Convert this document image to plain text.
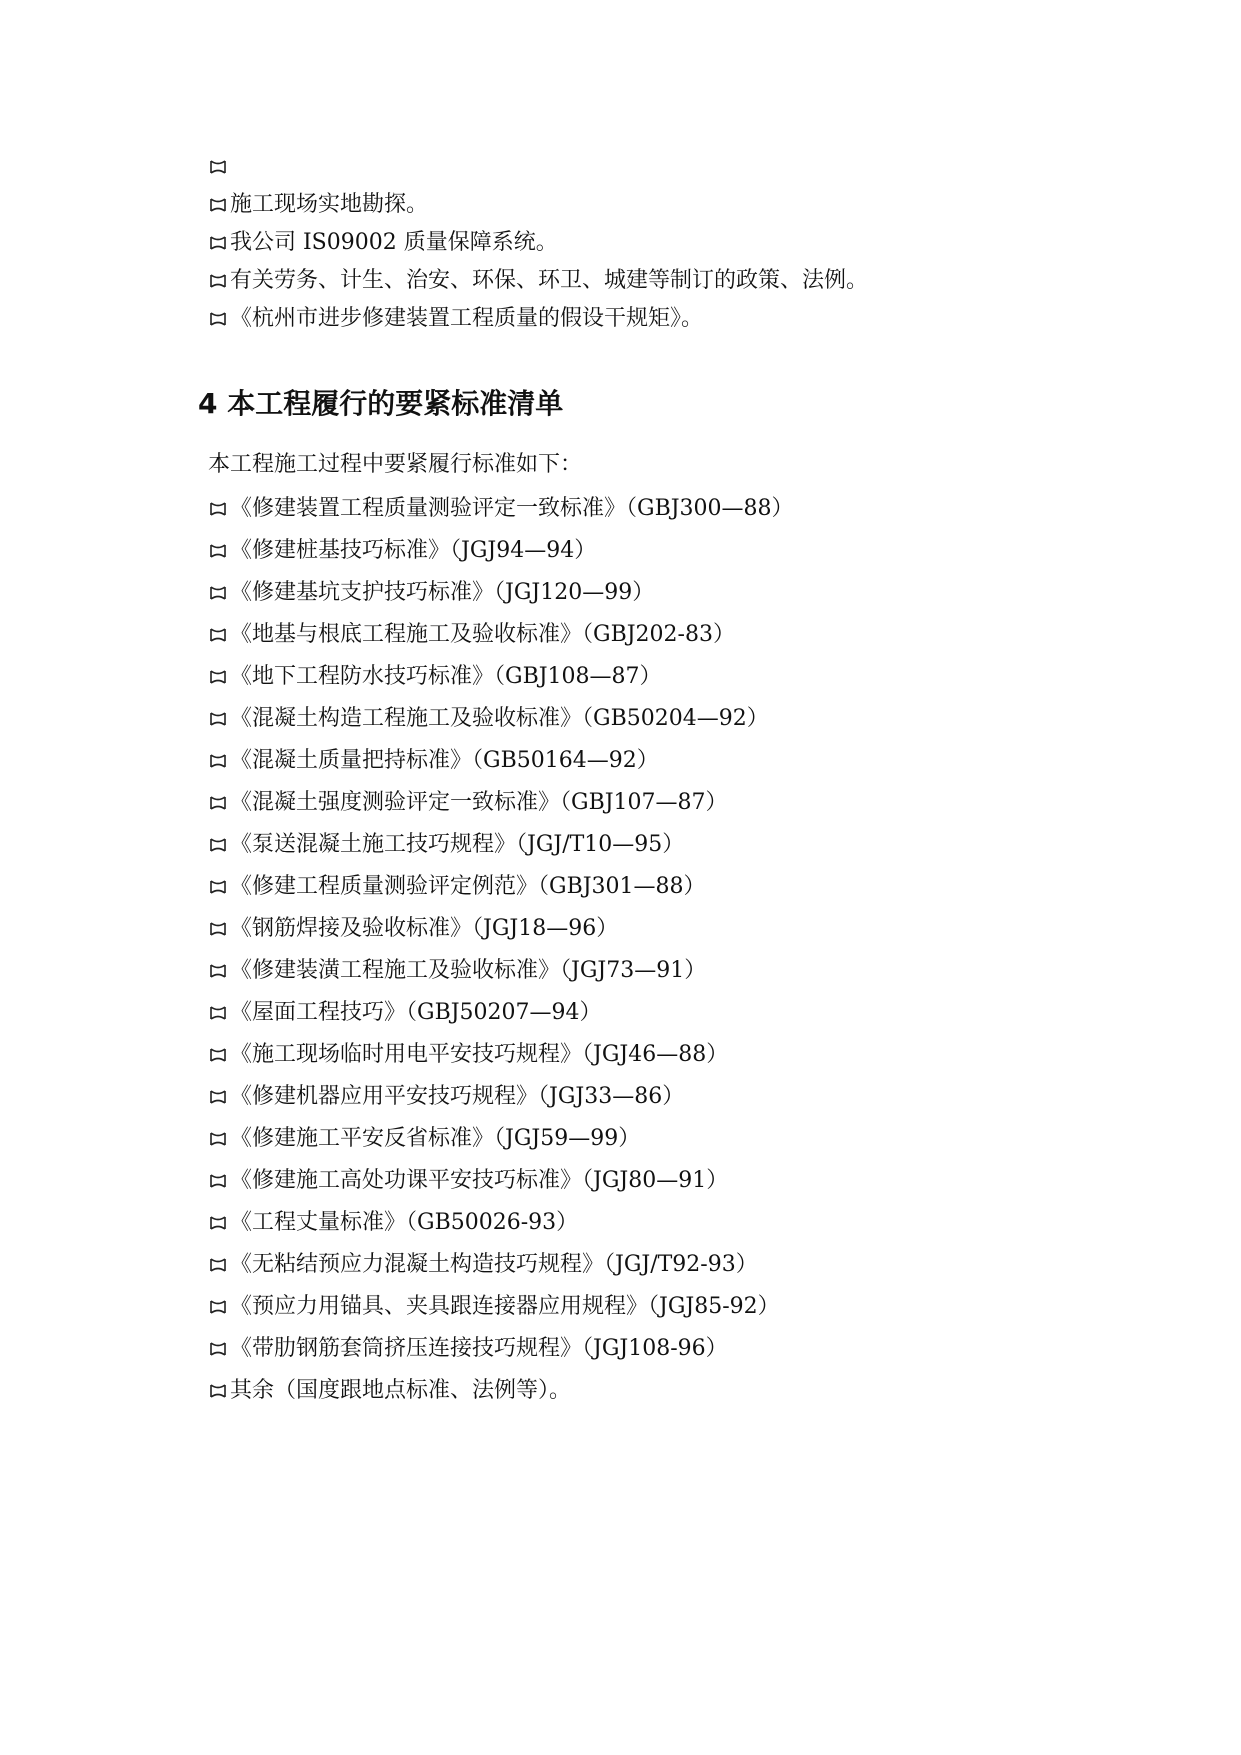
施工现场实地勘探。
我公司 IS09002 质量保障系统。
有关劳务、计生、治安、环保、环卫、城建等制订的政策、法例。
《杭州市进步修建装置工程质量的假设干规矩》。
4 本工程履行的要紧标准清单
本工程施工过程中要紧履行标准如下：
《修建装置工程质量测验评定一致标准》（GBJ300—88）
《修建桩基技巧标准》（JGJ94—94）
《修建基坑支护技巧标准》（JGJ120—99）
《地基与根底工程施工及验收标准》（GBJ202-83）
《地下工程防水技巧标准》（GBJ108—87）
《混凝土构造工程施工及验收标准》（GB50204—92）
《混凝土质量把持标准》（GB50164—92）
《混凝土强度测验评定一致标准》（GBJ107—87）
《泵送混凝土施工技巧规程》（JGJ/T10—95）
《修建工程质量测验评定例范》（GBJ301—88）
《钢筋焊接及验收标准》（JGJ18—96）
《修建装潢工程施工及验收标准》（JGJ73—91）
《屋面工程技巧》（GBJ50207—94）
《施工现场临时用电平安技巧规程》（JGJ46—88）
《修建机器应用平安技巧规程》（JGJ33—86）
《修建施工平安反省标准》（JGJ59—99）
《修建施工高处功课平安技巧标准》（JGJ80—91）
《工程丈量标准》（GB50026-93）
《无粘结预应力混凝土构造技巧规程》（JGJ/T92-93）
《预应力用锚具、夹具跟连接器应用规程》（JGJ85-92）
《带肋钢筋套筒挤压连接技巧规程》（JGJ108-96）
其余（国度跟地点标准、法例等）。
